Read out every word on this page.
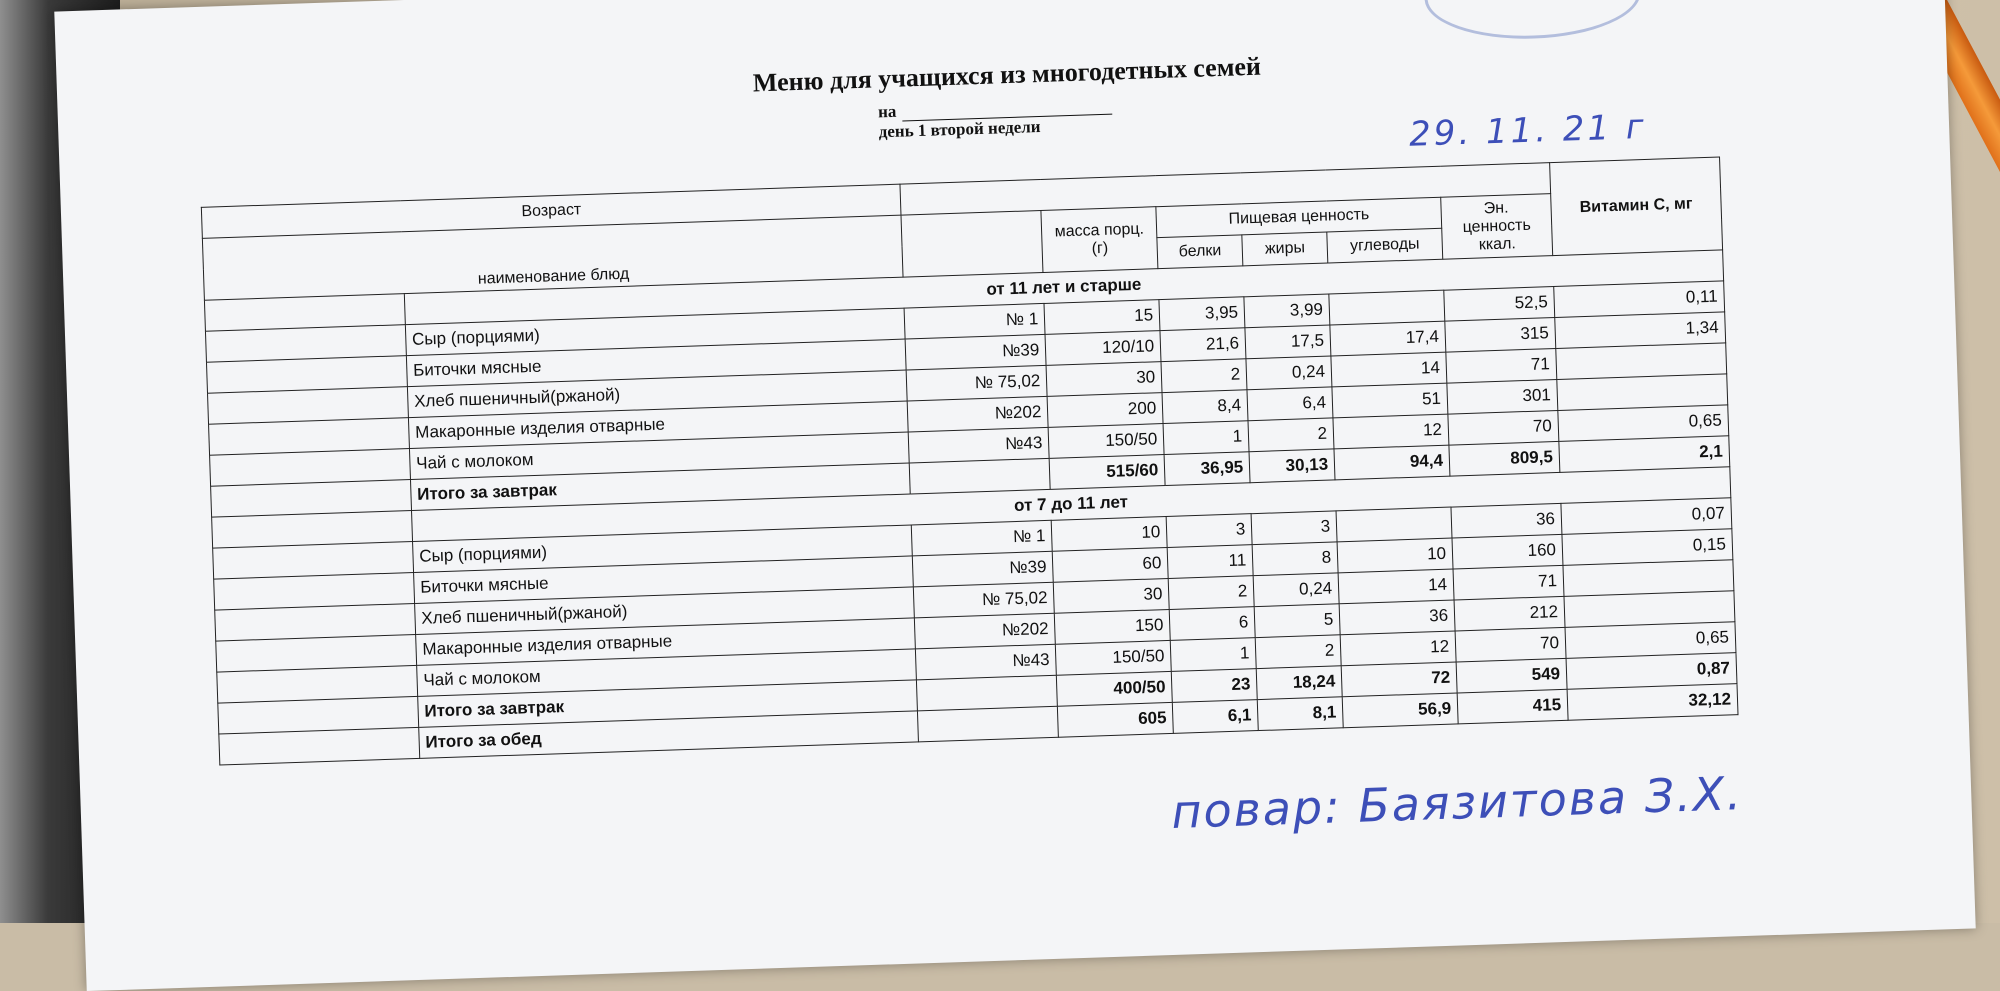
Меню для учащихся из многодетных семей
на
день 1 второй недели	29. 11. 21 г
Возраст								Витамин С, мг
наименование блюд			масса порц. (г)	Пищевая ценность			Эн. ценность ккал.	
				белки	жиры	углеводы		
	от 11 лет и старше							
	Сыр (порциями)	№ 1	15	3,95	3,99		52,5	0,11
	Биточки мясные	№39	120/10	21,6	17,5	17,4	315	1,34
	Хлеб пшеничный(ржаной)	№ 75,02	30	2	0,24	14	71	
	Макаронные изделия отварные	№202	200	8,4	6,4	51	301	
	Чай с молоком	№43	150/50	1	2	12	70	0,65
	Итого за завтрак		515/60	36,95	30,13	94,4	809,5	2,1
	от 7 до 11 лет							
	Сыр (порциями)	№ 1	10	3	3		36	0,07
	Биточки мясные	№39	60	11	8	10	160	0,15
	Хлеб пшеничный(ржаной)	№ 75,02	30	2	0,24	14	71	
	Макаронные изделия отварные	№202	150	6	5	36	212	
	Чай с молоком	№43	150/50	1	2	12	70	0,65
	Итого за завтрак		400/50	23	18,24	72	549	0,87
	Итого за обед		605	6,1	8,1	56,9	415	32,12
повар: Баязитова З.Х.
